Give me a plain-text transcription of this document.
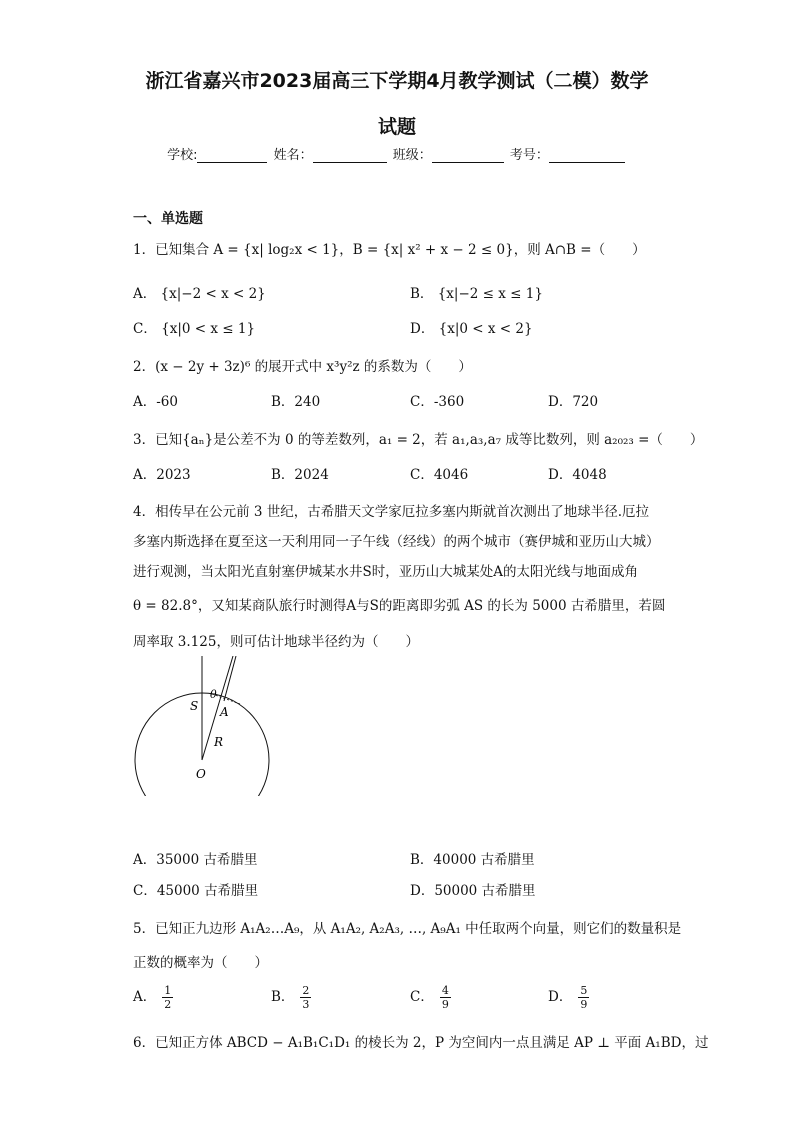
浙江省嘉兴市2023届高三下学期4月教学测试（二模）数学
试题
学校:	姓名：	班级：	考号：
一、单选题
1．已知集合 A = {x| log₂x < 1}，B = {x| x² + x − 2 ≤ 0}，则 A∩B =（　　）
A． {x|−2 < x < 2}	B． {x|−2 ≤ x ≤ 1}
C． {x|0 < x ≤ 1}	D． {x|0 < x < 2}
2．(x − 2y + 3z)⁶ 的展开式中 x³y²z 的系数为（　　）
A．-60	B．240	C．-360	D．720
3．已知{aₙ}是公差不为 0 的等差数列，a₁ = 2，若 a₁,a₃,a₇ 成等比数列，则 a₂₀₂₃ =（　　）
A．2023	B．2024	C．4046	D．4048
4．相传早在公元前 3 世纪，古希腊天文学家厄拉多塞内斯就首次测出了地球半径.厄拉
多塞内斯选择在夏至这一天利用同一子午线（经线）的两个城市（赛伊城和亚历山大城）
进行观测，当太阳光直射塞伊城某水井S时，亚历山大城某处A的太阳光线与地面成角
θ = 82.8°，又知某商队旅行时测得A与S的距离即劣弧 AS 的长为 5000 古希腊里，若圆
周率取 3.125，则可估计地球半径约为（　　）
S A
R
O
θ
A．35000 古希腊里	B．40000 古希腊里
C．45000 古希腊里	D．50000 古希腊里
5．已知正九边形 A₁A₂…A₉，从 A₁A₂, A₂A₃, …, A₉A₁ 中任取两个向量，则它们的数量积是
正数的概率为（　　）
A． $\frac{1}{2}$	B． $\frac{2}{3}$	C． $\frac{4}{9}$	D． $\frac{5}{9}$
6．已知正方体 ABCD − A₁B₁C₁D₁ 的棱长为 2，P 为空间内一点且满足 AP ⊥ 平面 A₁BD，过
